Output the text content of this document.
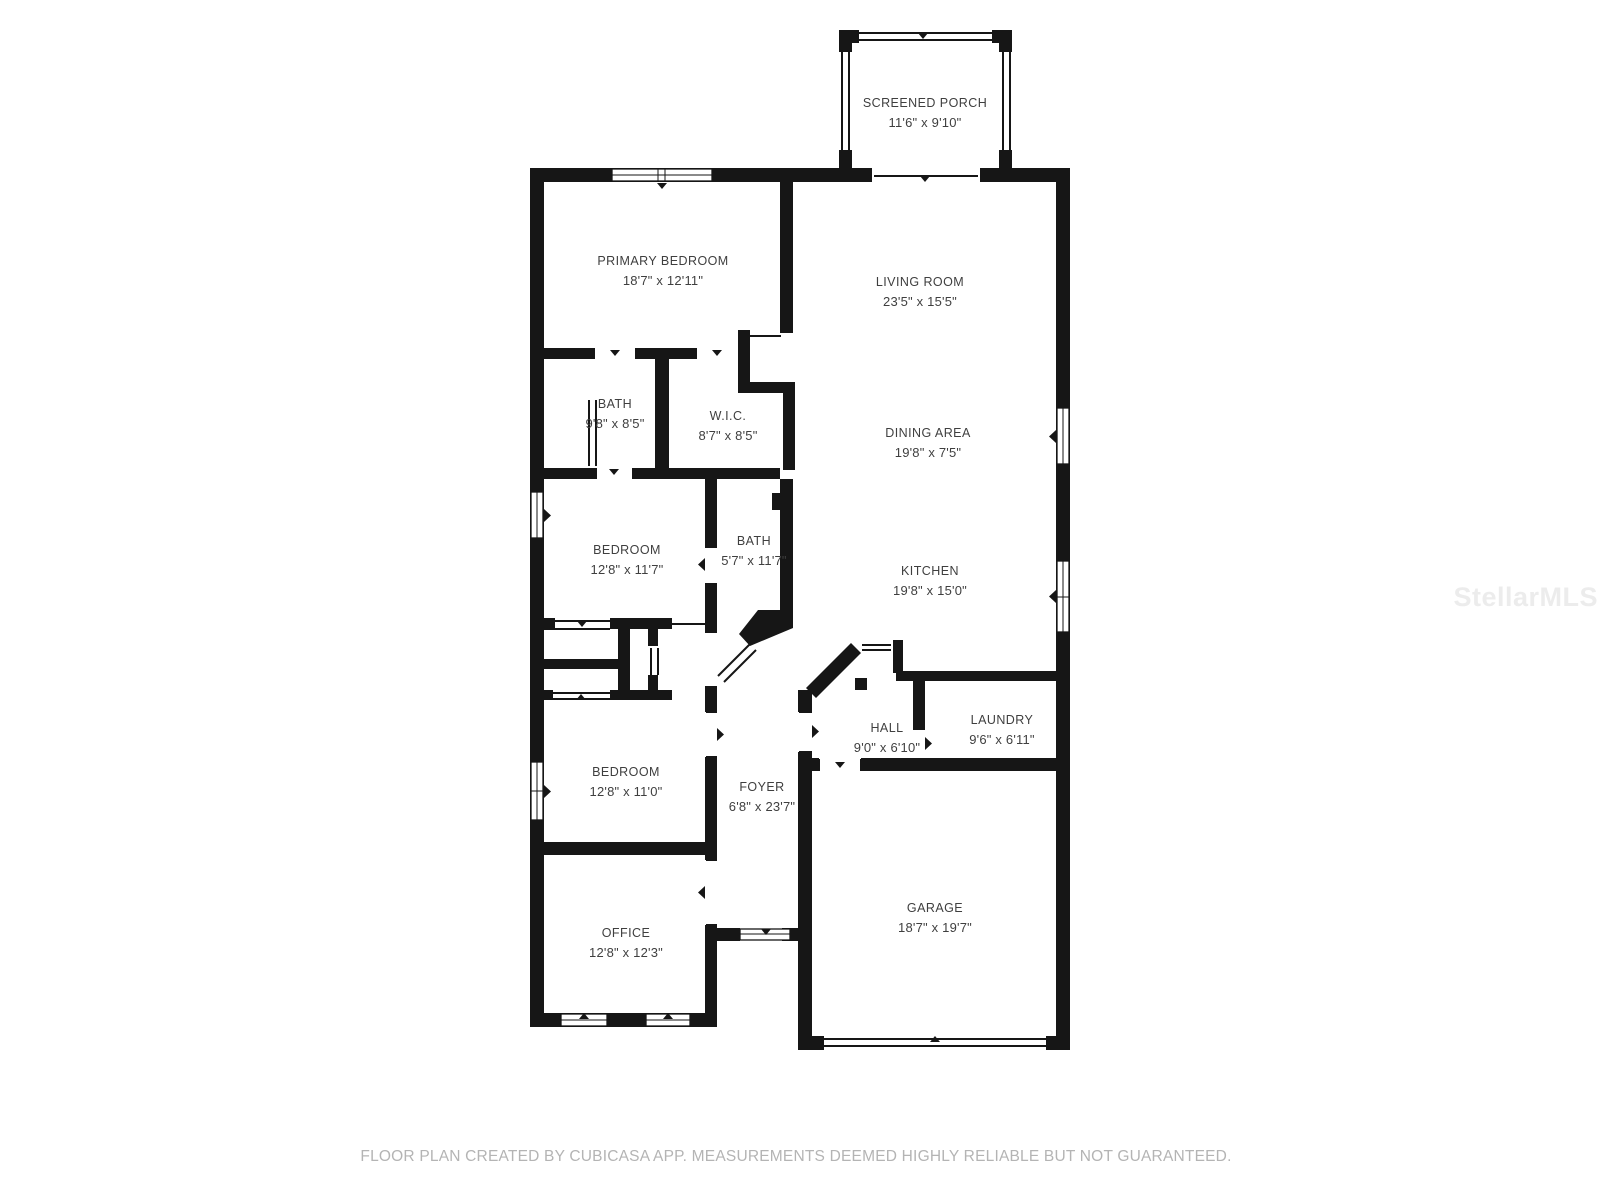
SCREENED PORCH
11'6" x 9'10"
PRIMARY BEDROOM
18'7" x 12'11"	LIVING ROOM
23'5" x 15'5"
BATH
9'8" x 8'5"	W.I.C.
8'7" x 8'5"	DINING AREA
19'8" x 7'5"
BEDROOM
12'8" x 11'7"
BATH
5'7" x 11'7"
KITCHEN
19'8" x 15'0"
HALL
9'0" x 6'10"
LAUNDRY
9'6" x 6'11"
BEDROOM
12'8" x 11'0"	FOYER
6'8" x 23'7"
GARAGE
18'7" x 19'7"
OFFICE
12'8" x 12'3"
StellarMLS
FLOOR PLAN CREATED BY CUBICASA APP. MEASUREMENTS DEEMED HIGHLY RELIABLE BUT NOT GUARANTEED.
